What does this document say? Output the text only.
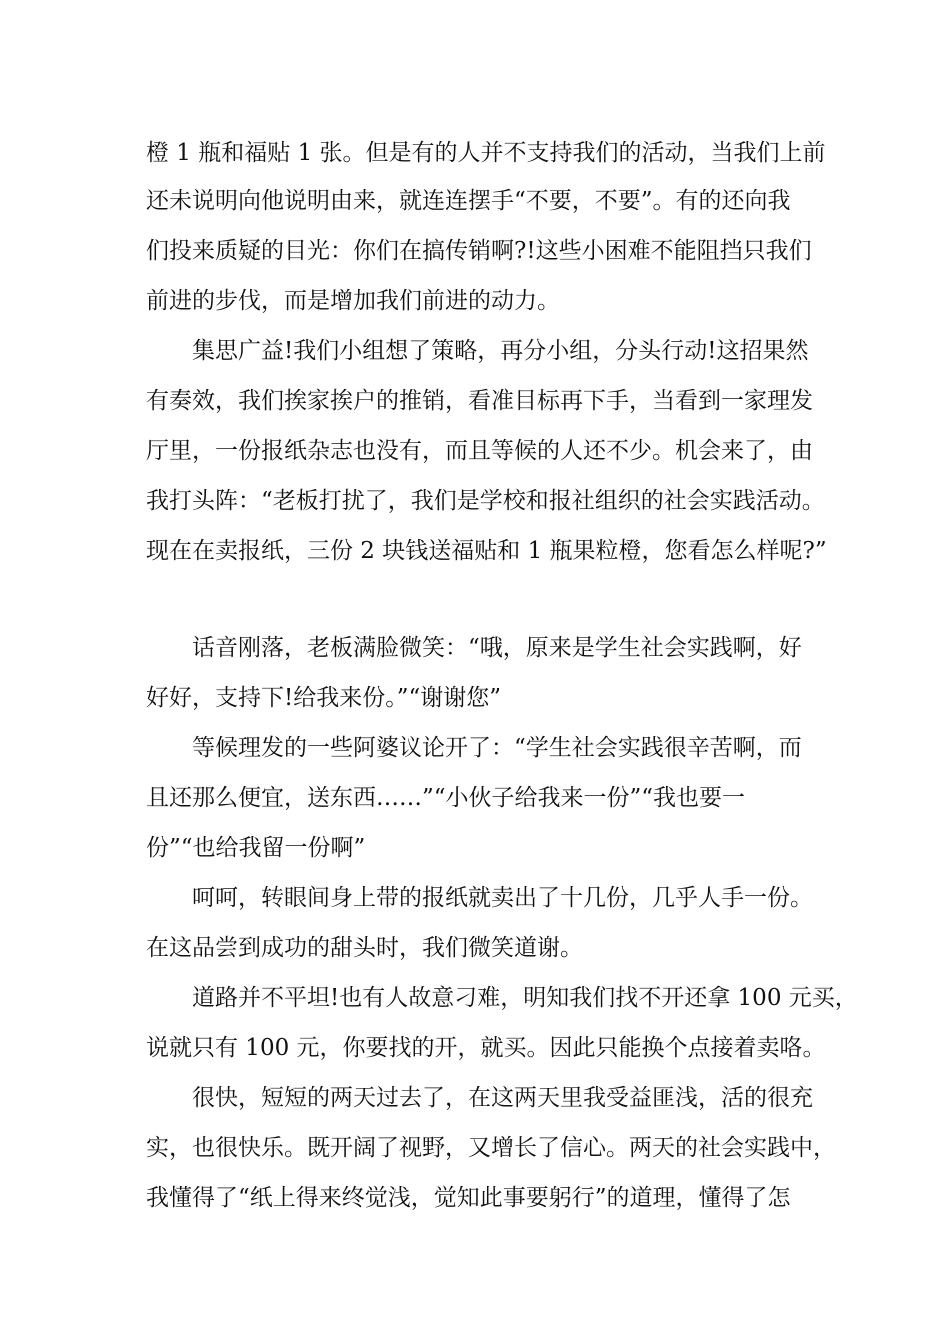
橙 1 瓶和福贴 1 张。但是有的人并不支持我们的活动，当我们上前
还未说明向他说明由来，就连连摆手“不要，不要”。有的还向我
们投来质疑的目光：你们在搞传销啊?!这些小困难不能阻挡只我们
前进的步伐，而是增加我们前进的动力。
集思广益!我们小组想了策略，再分小组，分头行动!这招果然
有奏效，我们挨家挨户的推销，看准目标再下手，当看到一家理发
厅里，一份报纸杂志也没有，而且等候的人还不少。机会来了，由
我打头阵：“老板打扰了，我们是学校和报社组织的社会实践活动。
现在在卖报纸，三份 2 块钱送福贴和 1 瓶果粒橙，您看怎么样呢?”
话音刚落，老板满脸微笑：“哦，原来是学生社会实践啊，好
好好，支持下!给我来份。”“谢谢您”
等候理发的一些阿婆议论开了：“学生社会实践很辛苦啊，而
且还那么便宜，送东西……”“小伙子给我来一份”“我也要一
份”“也给我留一份啊”
呵呵，转眼间身上带的报纸就卖出了十几份，几乎人手一份。
在这品尝到成功的甜头时，我们微笑道谢。
道路并不平坦!也有人故意刁难，明知我们找不开还拿 100 元买，
说就只有 100 元，你要找的开，就买。因此只能换个点接着卖咯。
很快，短短的两天过去了，在这两天里我受益匪浅，活的很充
实，也很快乐。既开阔了视野，又增长了信心。两天的社会实践中，
我懂得了“纸上得来终觉浅，觉知此事要躬行”的道理，懂得了怎
